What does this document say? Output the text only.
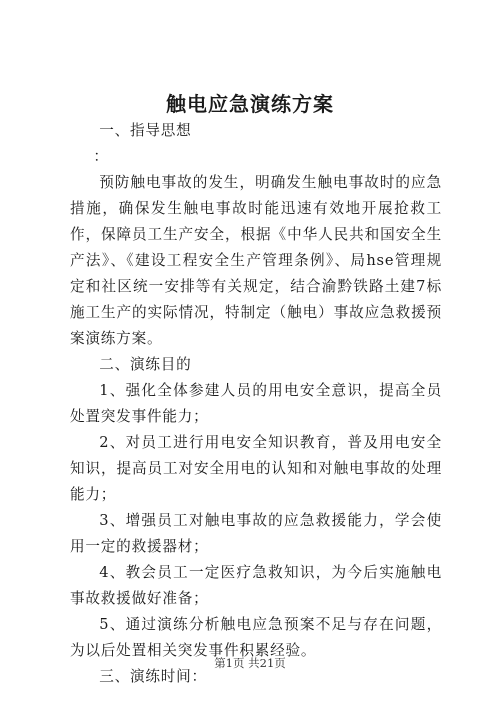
触电应急演练方案

一、指导思想

：

预防触电事故的发生，明确发生触电事故时的应急措施，确保发生触电事故时能迅速有效地开展抢救工作，保障员工生产安全，根据《中华人民共和国安全生产法》、《建设工程安全生产管理条例》、局hse管理规定和社区统一安排等有关规定，结合渝黔铁路土建7标施工生产的实际情况，特制定（触电）事故应急救援预案演练方案。

二、演练目的

1、强化全体参建人员的用电安全意识，提高全员处置突发事件能力；

2、对员工进行用电安全知识教育，普及用电安全知识，提高员工对安全用电的认知和对触电事故的处理能力；

3、增强员工对触电事故的应急救援能力，学会使用一定的救援器材；

4、教会员工一定医疗急救知识，为今后实施触电事故救援做好准备；

5、通过演练分析触电应急预案不足与存在问题，为以后处置相关突发事件积累经验。

三、演练时间：

第1页 共21页
